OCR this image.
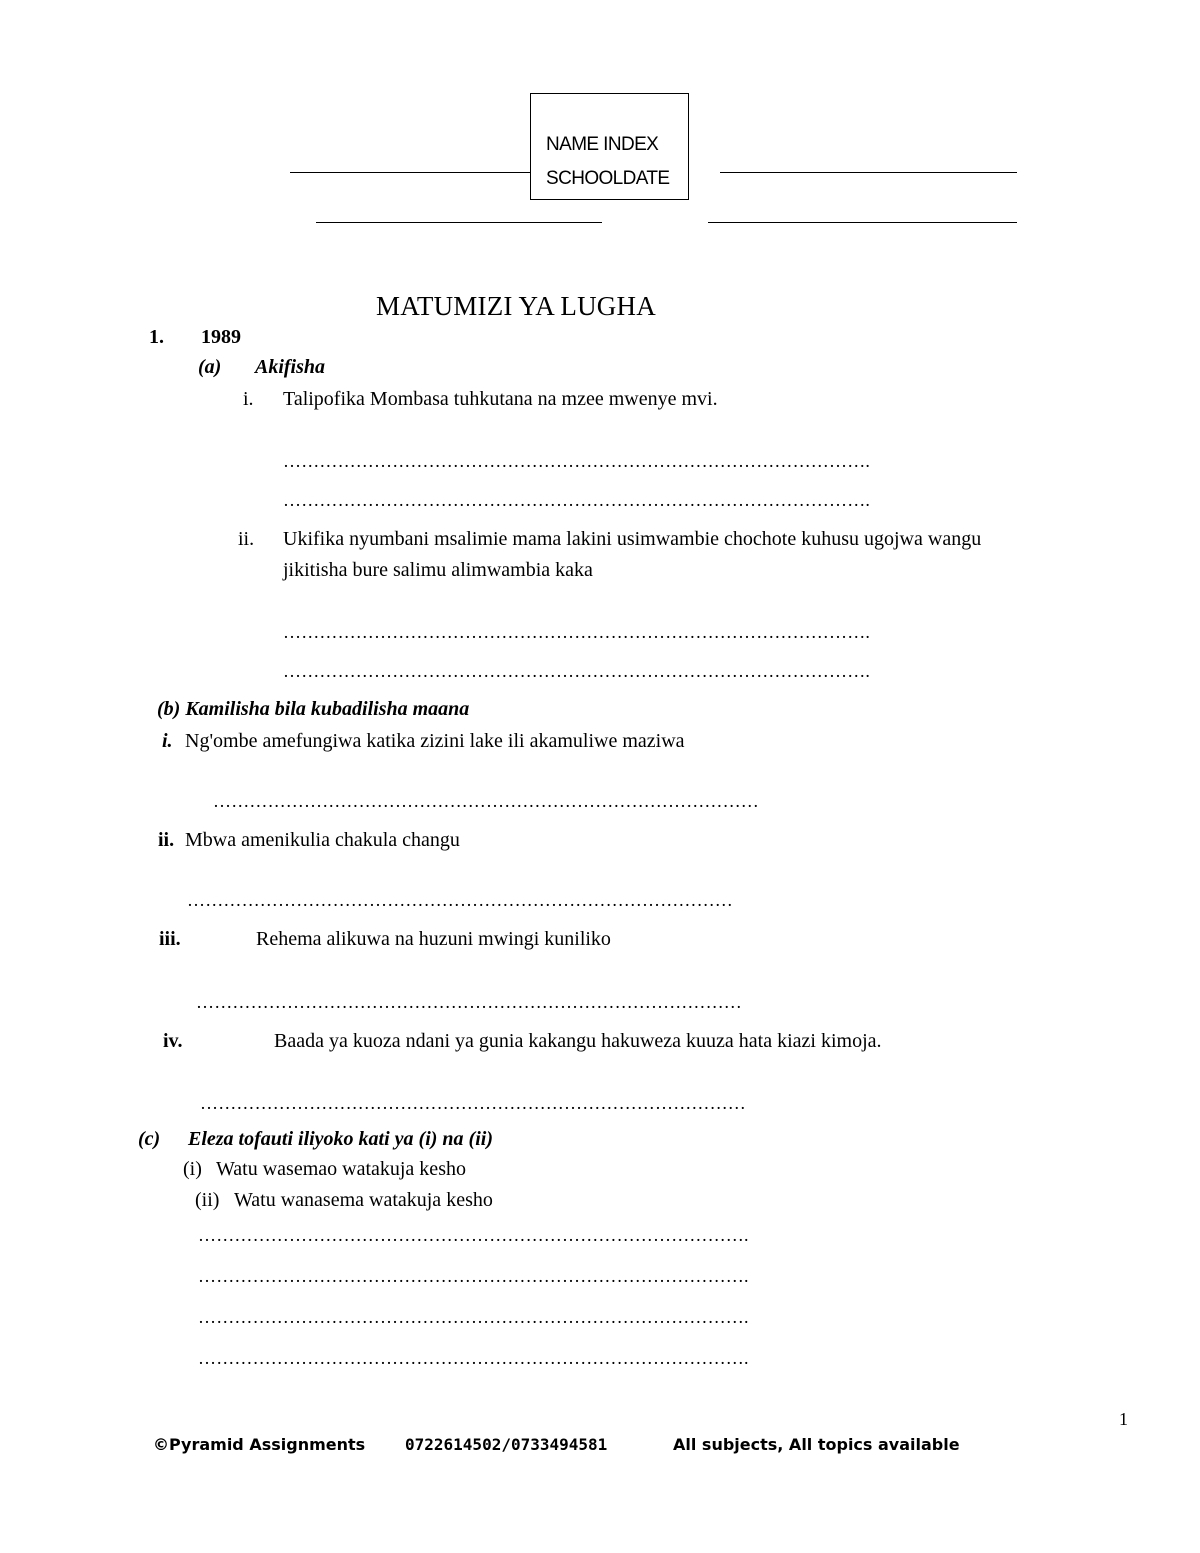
NAME INDEX
SCHOOLDATE
MATUMIZI YA LUGHA
1. 1989
(a) Akifisha
i. Talipofika Mombasa tuhkutana na mzee mwenye mvi.
…………………………………………………………………………………….
…………………………………………………………………………………….
ii. Ukifika nyumbani msalimie mama lakini usimwambie chochote kuhusu ugojwa wangu
jikitisha bure salimu alimwambia kaka
…………………………………………………………………………………….
…………………………………………………………………………………….
(b) Kamilisha bila kubadilisha maana
i. Ng'ombe amefungiwa katika zizini lake ili akamuliwe maziwa
………………………………………………………………………………
ii. Mbwa amenikulia chakula changu
………………………………………………………………………………
iii.	Rehema alikuwa na huzuni mwingi kuniliko
………………………………………………………………………………
iv.	Baada ya kuoza ndani ya gunia kakangu hakuweza kuuza hata kiazi kimoja.
………………………………………………………………………………
(c) Eleza tofauti iliyoko kati ya (i) na (ii)
(i) Watu wasemao watakuja kesho
(ii) Watu wanasema watakuja kesho
……………………………………………………………………………….
……………………………………………………………………………….
……………………………………………………………………………….
……………………………………………………………………………….
1
©Pyramid Assignments 0722614502/0733494581	All subjects, All topics available
